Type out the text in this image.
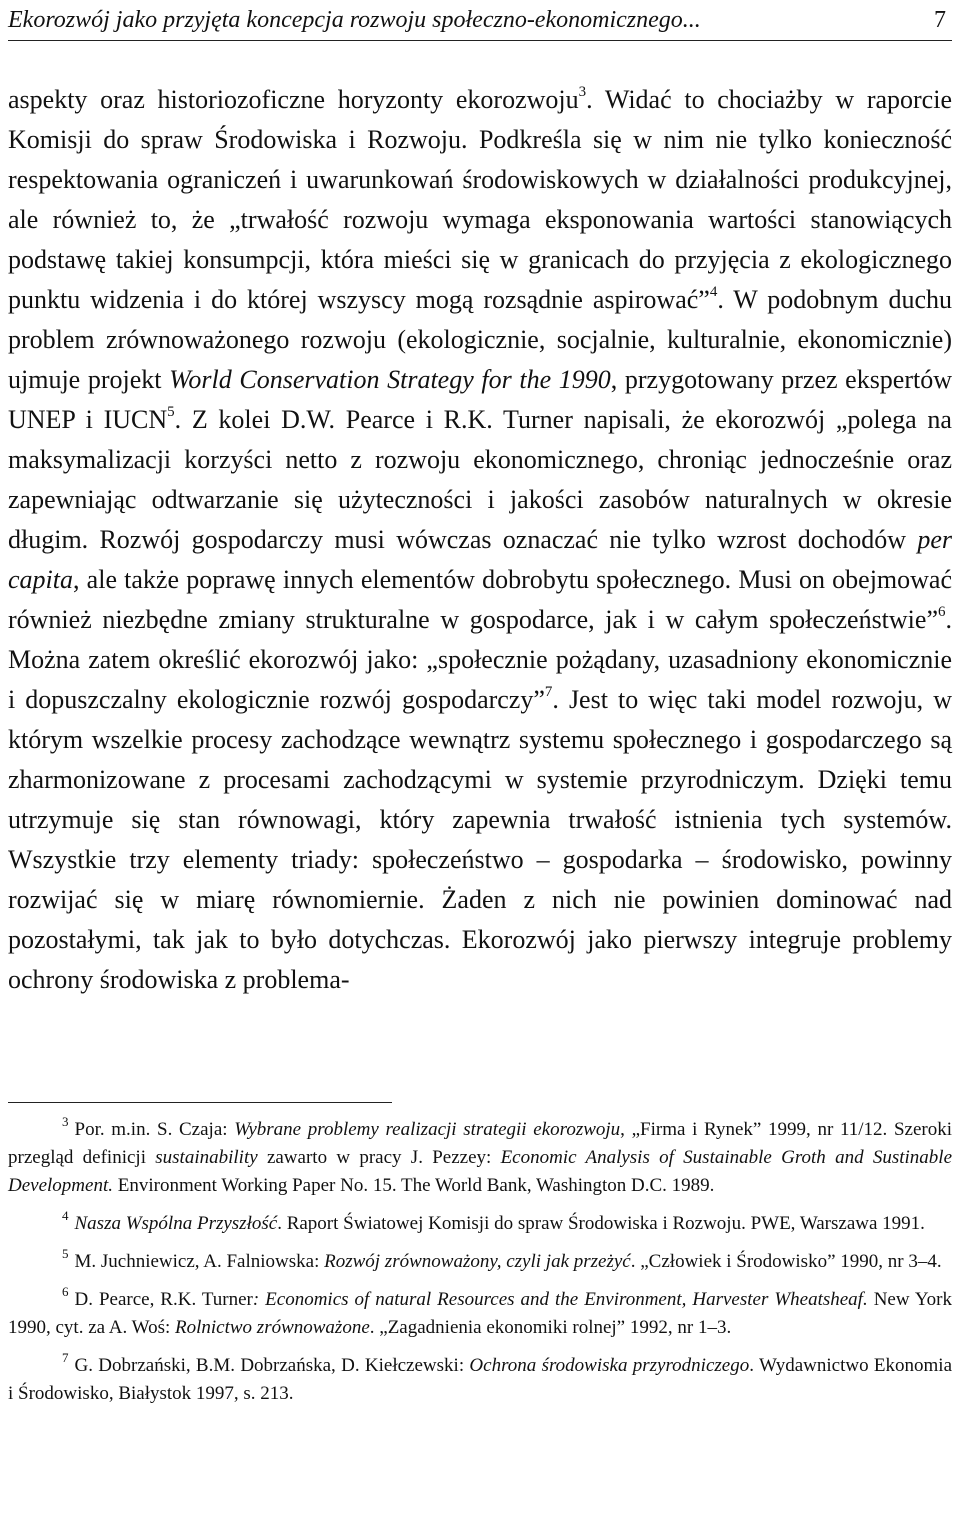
Ekorozwój jako przyjęta koncepcja rozwoju społeczno-ekonomicznego...	7

aspekty oraz historiozoficzne horyzonty ekorozwoju$^3$. Widać to chociażby w raporcie Komisji do spraw Środowiska i Rozwoju. Podkreśla się w nim nie tylko konieczność respektowania ograniczeń i uwarunkowań środowiskowych w działalności produkcyjnej, ale również to, że „trwałość rozwoju wymaga eksponowania wartości stanowiących podstawę takiej konsumpcji, która mieści się w granicach do przyjęcia z ekologicznego punktu widzenia i do której wszyscy mogą rozsądnie aspirować”$^4$. W podobnym duchu problem zrównoważonego rozwoju (ekologicznie, socjalnie, kulturalnie, ekonomicznie) ujmuje projekt World Conservation Strategy for the 1990, przygotowany przez ekspertów UNEP i IUCN$^5$. Z kolei D.W. Pearce i R.K. Turner napisali, że ekorozwój „polega na maksymalizacji korzyści netto z rozwoju ekonomicznego, chroniąc jednocześnie oraz zapewniając odtwarzanie się użyteczności i jakości zasobów naturalnych w okresie długim. Rozwój gospodarczy musi wówczas oznaczać nie tylko wzrost dochodów per capita, ale także poprawę innych elementów dobrobytu społecznego. Musi on obejmować również niezbędne zmiany strukturalne w gospodarce, jak i w całym społeczeństwie”$^6$. Można zatem określić ekorozwój jako: „społecznie pożądany, uzasadniony ekonomicznie i dopuszczalny ekologicznie rozwój gospodarczy”$^7$. Jest to więc taki model rozwoju, w którym wszelkie procesy zachodzące wewnątrz systemu społecznego i gospodarczego są zharmonizowane z procesami zachodzącymi w systemie przyrodniczym. Dzięki temu utrzymuje się stan równowagi, który zapewnia trwałość istnienia tych systemów. Wszystkie trzy elementy triady: społeczeństwo – gospodarka – środowisko, powinny rozwijać się w miarę równomiernie. Żaden z nich nie powinien dominować nad pozostałymi, tak jak to było dotychczas. Ekorozwój jako pierwszy integruje problemy ochrony środowiska z problema-

$^3$ Por. m.in. S. Czaja: Wybrane problemy realizacji strategii ekorozwoju, „Firma i Rynek” 1999, nr 11/12. Szeroki przegląd definicji sustainability zawarto w pracy J. Pezzey: Economic Analysis of Sustainable Groth and Sustinable Development. Environment Working Paper No. 15. The World Bank, Washington D.C. 1989.

$^4$ Nasza Wspólna Przyszłość. Raport Światowej Komisji do spraw Środowiska i Rozwoju. PWE, Warszawa 1991.

$^5$ M. Juchniewicz, A. Falniowska: Rozwój zrównoważony, czyli jak przeżyć. „Człowiek i Środowisko” 1990, nr 3–4.

$^6$ D. Pearce, R.K. Turner: Economics of natural Resources and the Environment, Harvester Wheatsheaf. New York 1990, cyt. za A. Woś: Rolnictwo zrównoważone. „Zagadnienia ekonomiki rolnej” 1992, nr 1–3.

$^7$ G. Dobrzański, B.M. Dobrzańska, D. Kiełczewski: Ochrona środowiska przyrodniczego. Wydawnictwo Ekonomia i Środowisko, Białystok 1997, s. 213.
